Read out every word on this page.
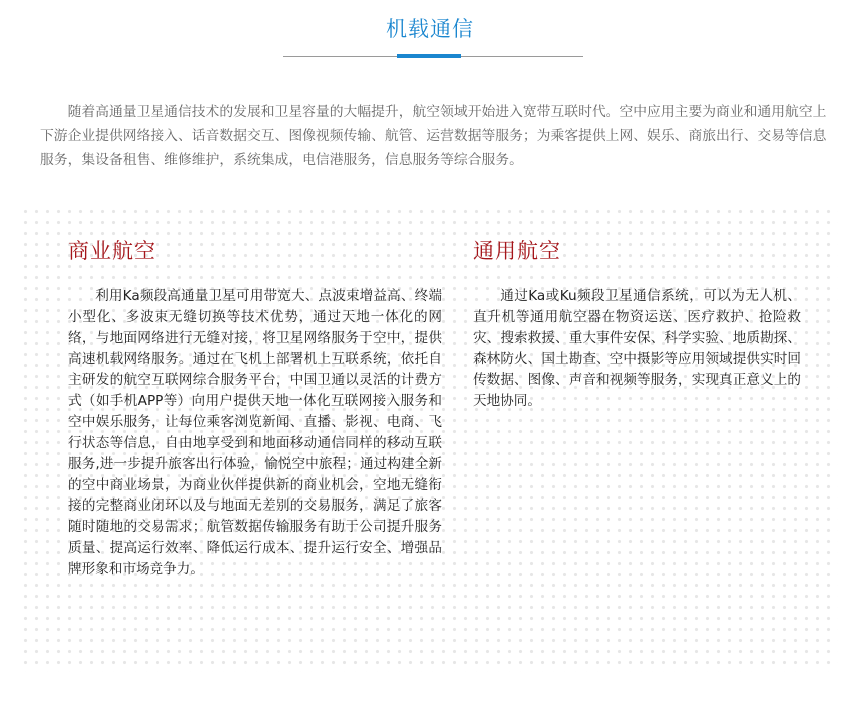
机载通信

随着高通量卫星通信技术的发展和卫星容量的大幅提升，航空领域开始进入宽带互联时代。空中应用主要为商业和通用航空上下游企业提供网络接入、话音数据交互、图像视频传输、航管、运营数据等服务；为乘客提供上网、娱乐、商旅出行、交易等信息服务，集设备租售、维修维护，系统集成，电信港服务，信息服务等综合服务。

商业航空

利用Ka频段高通量卫星可用带宽大、点波束增益高、终端小型化、多波束无缝切换等技术优势，通过天地一体化的网络，与地面网络进行无缝对接，将卫星网络服务于空中，提供高速机载网络服务。通过在飞机上部署机上互联系统，依托自主研发的航空互联网综合服务平台，中国卫通以灵活的计费方式（如手机APP等）向用户提供天地一体化互联网接入服务和空中娱乐服务，让每位乘客浏览新闻、直播、影视、电商、飞行状态等信息，自由地享受到和地面移动通信同样的移动互联服务,进一步提升旅客出行体验，愉悦空中旅程；通过构建全新的空中商业场景，为商业伙伴提供新的商业机会，空地无缝衔接的完整商业闭环以及与地面无差别的交易服务，满足了旅客随时随地的交易需求；航管数据传输服务有助于公司提升服务质量、提高运行效率、降低运行成本、提升运行安全、增强品牌形象和市场竞争力。

通用航空

通过Ka或Ku频段卫星通信系统，可以为无人机、直升机等通用航空器在物资运送、医疗救护、抢险救灾、搜索救援、重大事件安保、科学实验、地质勘探、森林防火、国土勘查、空中摄影等应用领域提供实时回传数据、图像、声音和视频等服务，实现真正意义上的天地协同。
